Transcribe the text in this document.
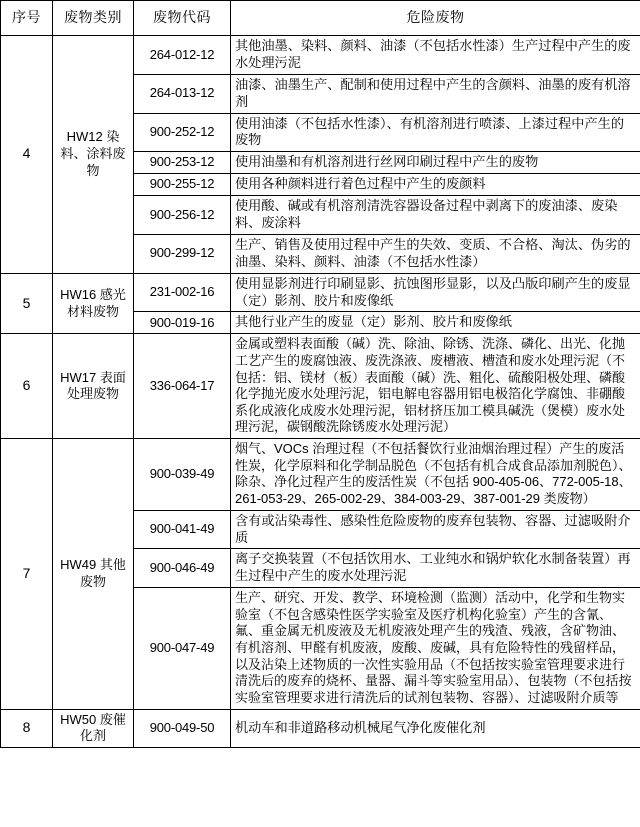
序号	废物类别	废物代码	危险废物
4	HW12 染料、涂料废物	264-012-12	其他油墨、染料、颜料、油漆（不包括水性漆）生产过程中产生的废水处理污泥
		264-013-12	油漆、油墨生产、配制和使用过程中产生的含颜料、油墨的废有机溶剂
		900-252-12	使用油漆（不包括水性漆）、有机溶剂进行喷漆、上漆过程中产生的废物
		900-253-12	使用油墨和有机溶剂进行丝网印刷过程中产生的废物
		900-255-12	使用各种颜料进行着色过程中产生的废颜料
		900-256-12	使用酸、碱或有机溶剂清洗容器设备过程中剥离下的废油漆、废染料、废涂料
		900-299-12	生产、销售及使用过程中产生的失效、变质、不合格、淘汰、伪劣的油墨、染料、颜料、油漆（不包括水性漆）
5	HW16 感光材料废物	231-002-16	使用显影剂进行印刷显影、抗蚀图形显影，以及凸版印刷产生的废显（定）影剂、胶片和废像纸
		900-019-16	其他行业产生的废显（定）影剂、胶片和废像纸
6	HW17 表面处理废物	336-064-17	金属或塑料表面酸（碱）洗、除油、除锈、洗涤、磷化、出光、化抛工艺产生的废腐蚀液、废洗涤液、废槽液、槽渣和废水处理污泥（不包括：铝、镁材（板）表面酸（碱）洗、粗化、硫酸阳极处理、磷酸化学抛光废水处理污泥，铝电解电容器用铝电极箔化学腐蚀、非硼酸系化成液化成废水处理污泥，铝材挤压加工模具碱洗（煲模）废水处理污泥，碳钢酸洗除锈废水处理污泥）
7	HW49 其他废物	900-039-49	烟气、VOCs 治理过程（不包括餐饮行业油烟治理过程）产生的废活性炭，化学原料和化学制品脱色（不包括有机合成食品添加剂脱色）、除杂、净化过程产生的废活性炭（不包括 900-405-06、772-005-18、261-053-29、265-002-29、384-003-29、387-001-29 类废物）
		900-041-49	含有或沾染毒性、感染性危险废物的废弃包装物、容器、过滤吸附介质
		900-046-49	离子交换装置（不包括饮用水、工业纯水和锅炉软化水制备装置）再生过程中产生的废水处理污泥
		900-047-49	生产、研究、开发、教学、环境检测（监测）活动中，化学和生物实验室（不包含感染性医学实验室及医疗机构化验室）产生的含氰、氟、重金属无机废液及无机废液处理产生的残渣、残液，含矿物油、有机溶剂、甲醛有机废液，废酸、废碱，具有危险特性的残留样品，以及沾染上述物质的一次性实验用品（不包括按实验室管理要求进行清洗后的废弃的烧杯、量器、漏斗等实验室用品）、包装物（不包括按实验室管理要求进行清洗后的试剂包装物、容器）、过滤吸附介质等
8	HW50 废催化剂	900-049-50	机动车和非道路移动机械尾气净化废催化剂
